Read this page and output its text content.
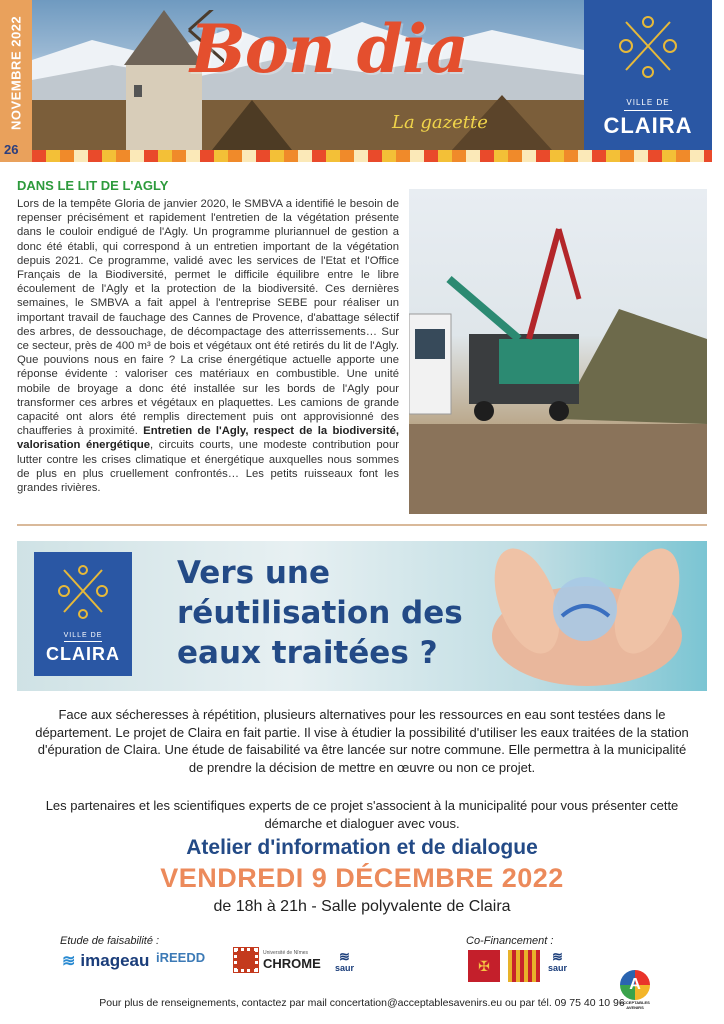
NOVEMBRE 2022
26
Bon dia
La gazette
VILLE DE
CLAIRA
DANS LE LIT DE L'AGLY
Lors de la tempête Gloria de janvier 2020, le SMBVA a identifié le besoin de repenser précisément et rapidement l'entretien de la végétation présente dans le couloir endigué de l'Agly. Un programme pluriannuel de gestion a donc été établi, qui correspond à un entretien important de la végétation depuis 2021. Ce programme, validé avec les services de l'Etat et l'Office Français de la Biodiversité, permet le difficile équilibre entre le libre écoulement de l'Agly et la protection de la biodiversité. Ces dernières semaines, le SMBVA a fait appel à l'entreprise SEBE pour réaliser un important travail de fauchage des Cannes de Provence, d'abattage sélectif des arbres, de dessouchage, de décompactage des atterrissements… Sur ce secteur, près de 400 m³ de bois et végétaux ont été retirés du lit de l'Agly. Que pouvions nous en faire ? La crise énergétique actuelle apporte une réponse évidente : valoriser ces matériaux en combustible. Une unité mobile de broyage a donc été installée sur les bords de l'Agly pour transformer ces arbres et végétaux en plaquettes. Les camions de grande capacité ont alors été remplis directement puis ont approvisionné des chaufferies à proximité. Entretien de l'Agly, respect de la biodiversité, valorisation énergétique, circuits courts, une modeste contribution pour lutter contre les crises climatique et énergétique auxquelles nous sommes de plus en plus cruellement confrontés… Les petits ruisseaux font les grandes rivières.
VILLE DE
CLAIRA
Vers une
réutilisation des
eaux traitées ?
Face aux sécheresses à répétition, plusieurs alternatives pour les ressources en eau sont testées dans le département. Le projet de Claira en fait partie. Il vise à étudier la possibilité d'utiliser les eaux traitées de la station d'épuration de Claira. Une étude de faisabilité va être lancée sur notre commune. Elle permettra à la municipalité de prendre la décision de mettre en œuvre ou non ce projet.
Les partenaires et les scientifiques experts de ce projet s'associent à la municipalité pour vous présenter cette démarche et dialoguer avec vous.
Atelier d'information et de dialogue
VENDREDI 9 DÉCEMBRE 2022
de 18h à 21h - Salle polyvalente de Claira
Etude de faisabilité :	Co-Financement :
≋ imageau iREEDD	Université de Nîmes
CHROME ≋
saur	✠
≋
saur
A
ACCEPTABLES AVENIRS
Pour plus de renseignements, contactez par mail concertation@acceptablesavenirs.eu ou par tél. 09 75 40 10 96
